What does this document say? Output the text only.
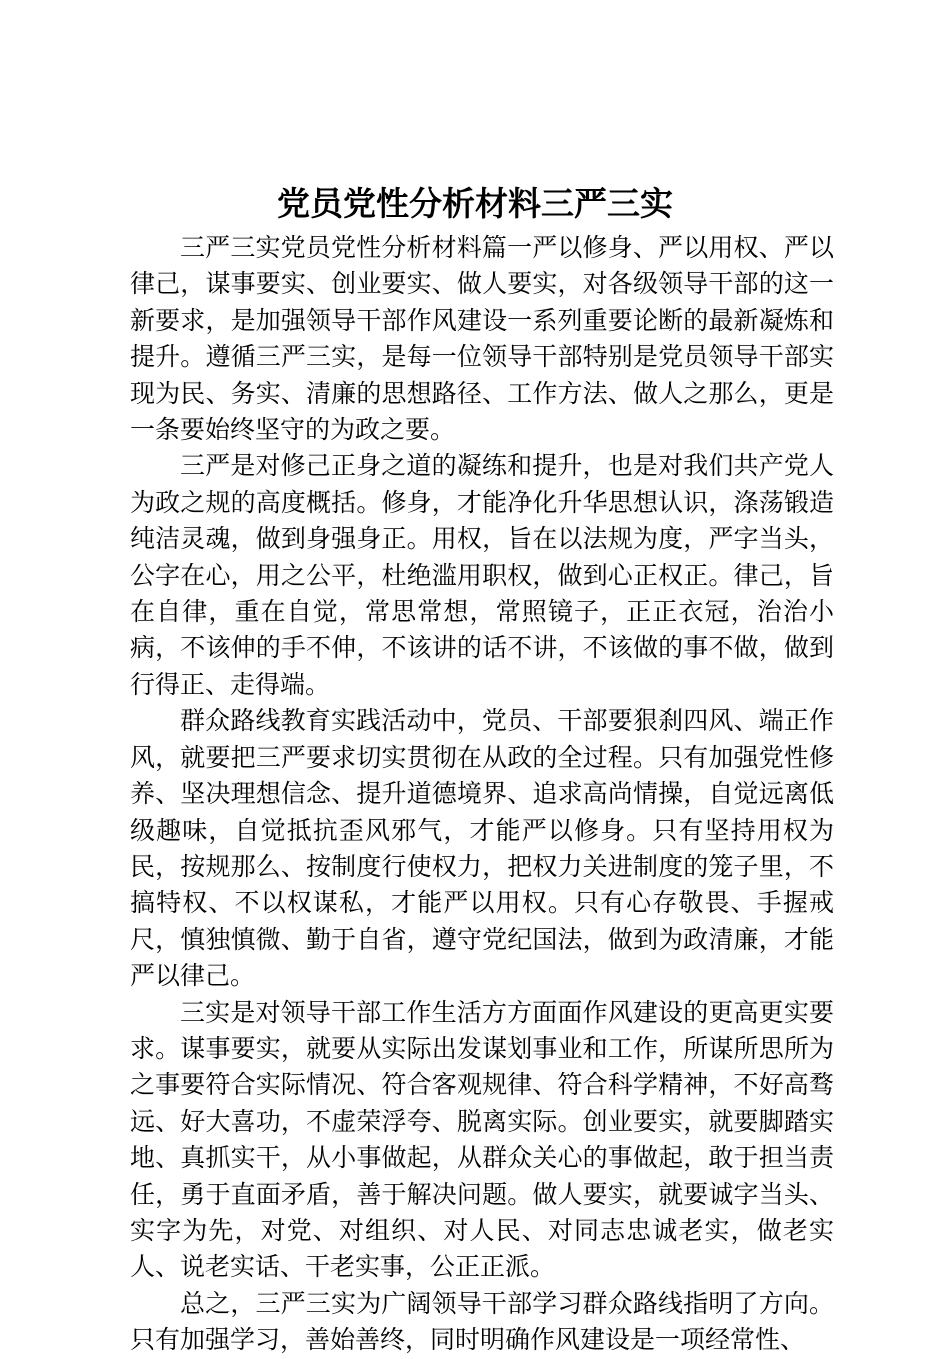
党员党性分析材料三严三实

三严三实党员党性分析材料篇一严以修身、严以用权、严以律己，谋事要实、创业要实、做人要实，对各级领导干部的这一新要求，是加强领导干部作风建设一系列重要论断的最新凝炼和提升。遵循三严三实，是每一位领导干部特别是党员领导干部实现为民、务实、清廉的思想路径、工作方法、做人之那么，更是一条要始终坚守的为政之要。

三严是对修己正身之道的凝练和提升，也是对我们共产党人为政之规的高度概括。修身，才能净化升华思想认识，涤荡锻造纯洁灵魂，做到身强身正。用权，旨在以法规为度，严字当头，公字在心，用之公平，杜绝滥用职权，做到心正权正。律己，旨在自律，重在自觉，常思常想，常照镜子，正正衣冠，治治小病，不该伸的手不伸，不该讲的话不讲，不该做的事不做，做到行得正、走得端。

群众路线教育实践活动中，党员、干部要狠刹四风、端正作风，就要把三严要求切实贯彻在从政的全过程。只有加强党性修养、坚决理想信念、提升道德境界、追求高尚情操，自觉远离低级趣味，自觉抵抗歪风邪气，才能严以修身。只有坚持用权为民，按规那么、按制度行使权力，把权力关进制度的笼子里，不搞特权、不以权谋私，才能严以用权。只有心存敬畏、手握戒尺，慎独慎微、勤于自省，遵守党纪国法，做到为政清廉，才能严以律己。

三实是对领导干部工作生活方方面面作风建设的更高更实要求。谋事要实，就要从实际出发谋划事业和工作，所谋所思所为之事要符合实际情况、符合客观规律、符合科学精神，不好高骛远、好大喜功，不虚荣浮夸、脱离实际。创业要实，就要脚踏实地、真抓实干，从小事做起，从群众关心的事做起，敢于担当责任，勇于直面矛盾，善于解决问题。做人要实，就要诚字当头、实字为先，对党、对组织、对人民、对同志忠诚老实，做老实人、说老实话、干老实事，公正正派。

总之，三严三实为广阔领导干部学习群众路线指明了方向。只有加强学习，善始善终，同时明确作风建设是一项经常性、
